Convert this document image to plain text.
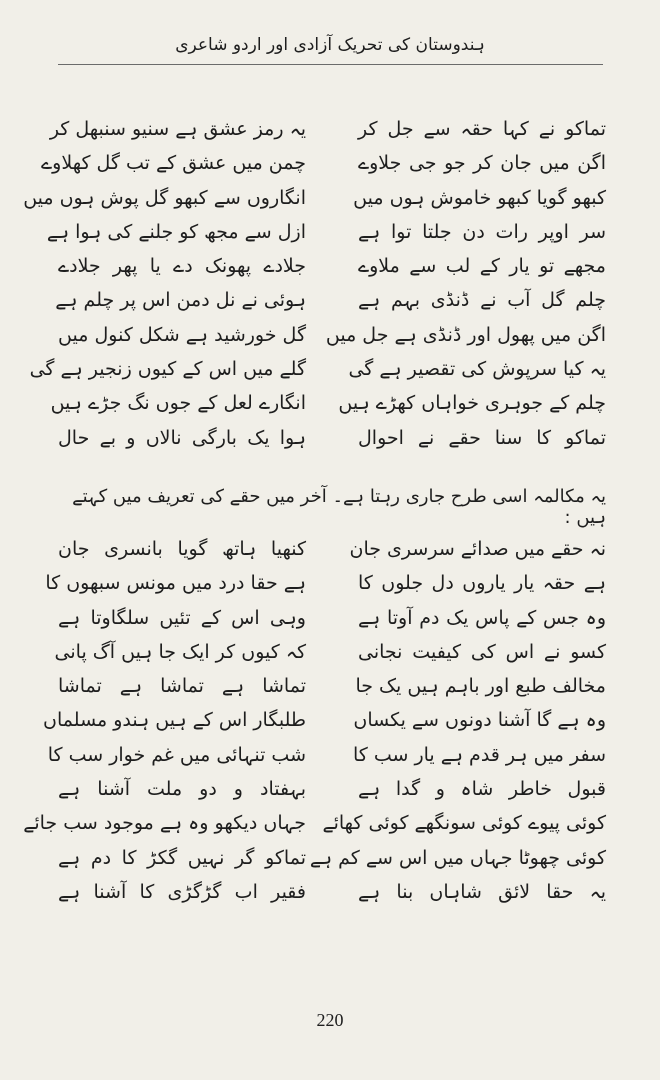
ہندوستان کی تحریک آزادی اور اردو شاعری
تماکو نے کہا حقہ سے جل کر
اگن میں جان کر جو جی جلاوے
کبھو گویا کبھو خاموش ہوں میں
سر اوپر رات دن جلتا توا ہے
مجھے تو یار کے لب سے ملاوے
چلم گل آب نے ڈنڈی بہم ہے
اگن میں پھول اور ڈنڈی ہے جل میں
یہ کیا سرپوش کی تقصیر ہے گی
چلم کے جوہری خواہاں کھڑے ہیں
تماکو کا سنا حقے نے احوال
یہ رمز عشق ہے سنیو سنبھل کر
چمن میں عشق کے تب گل کھلاوے
انگاروں سے کبھو گل پوش ہوں میں
ازل سے مجھ کو جلنے کی ہوا ہے
جلادے پھونک دے یا پھر جلادے
ہوئی نے نل دمن اس پر چلم ہے
گل خورشید ہے شکل کنول میں
گلے میں اس کے کیوں زنجیر ہے گی
انگارے لعل کے جوں نگ جڑے ہیں
ہوا یک بارگی نالاں و بے حال
یہ مکالمہ اسی طرح جاری رہتا ہے۔ آخر میں حقے کی تعریف میں کہتے ہیں :
نہ حقے میں صدائے سرسری جان
ہے حقہ یار یاروں دل جلوں کا
وہ جس کے پاس یک دم آوتا ہے
کسو نے اس کی کیفیت نجانی
مخالف طبع اور باہم ہیں یک جا
وہ ہے گا آشنا دونوں سے یکساں
سفر میں ہر قدم ہے یار سب کا
قبول خاطر شاہ و گدا ہے
کوئی پیوے کوئی سونگھے کوئی کھائے
کوئی چھوٹا جہاں میں اس سے کم ہے
یہ حقا لائق شاہاں بنا ہے
کنھیا ہاتھ گویا بانسری جان
ہے حقا درد میں مونس سبھوں کا
وہی اس کے تئیں سلگاوتا ہے
کہ کیوں کر ایک جا ہیں آگ پانی
تماشا ہے تماشا ہے تماشا
طلبگار اس کے ہیں ہندو مسلماں
شب تنہائی میں غم خوار سب کا
بہفتاد و دو ملت آشنا ہے
جہاں دیکھو وہ ہے موجود سب جائے
تماکو گر نہیں گکڑ کا دم ہے
فقیر اب گڑگڑی کا آشنا ہے
220
